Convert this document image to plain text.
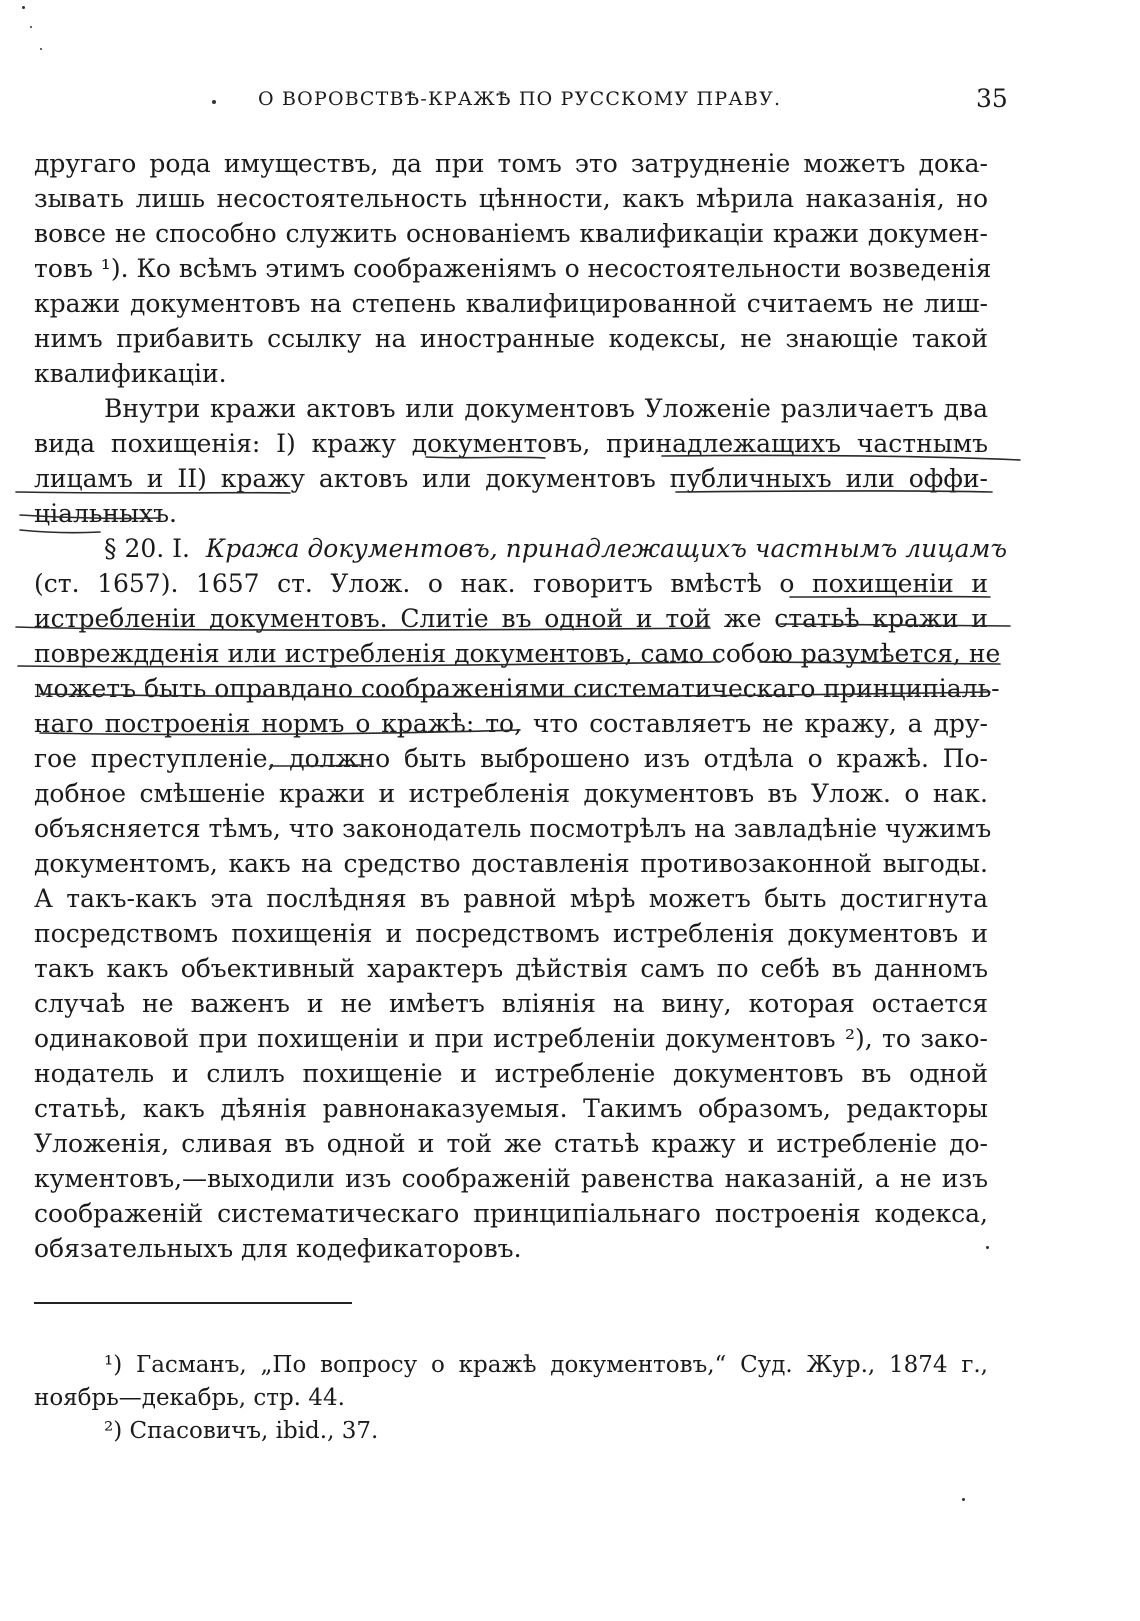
О ВОРОВСТВѢ-КРАЖѢ ПО РУССКОМУ ПРАВУ.	35
другаго рода имуществъ, да при томъ это затрудненіе можетъ дока-
зывать лишь несостоятельность цѣнности, какъ мѣрила наказанія, но
вовсе не способно служить основаніемъ квалификаціи кражи докумен-
товъ ¹). Ко всѣмъ этимъ соображеніямъ о несостоятельности возведенія
кражи документовъ на степень квалифицированной считаемъ не лиш-
нимъ прибавить ссылку на иностранные кодексы, не знающіе такой
квалификаціи.
Внутри кражи актовъ или документовъ Уложеніе различаетъ два
вида похищенія: I) кражу документовъ, принадлежащихъ частнымъ
лицамъ и II) кражу актовъ или документовъ публичныхъ или оффи-
ціальныхъ.
§ 20. I. Кража документовъ, принадлежащихъ частнымъ лицамъ
(ст. 1657). 1657 ст. Улож. о нак. говоритъ вмѣстѣ о похищеніи и
истребленіи документовъ. Слитіе въ одной и той же статьѣ кражи и
повреждденія или истребленія документовъ, само собою разумѣется, не
можетъ быть оправдано соображеніями систематическаго принципіаль-
наго построенія нормъ о кражѣ: то, что составляетъ не кражу, а дру-
гое преступленіе, должно быть выброшено изъ отдѣла о кражѣ. По-
добное смѣшеніе кражи и истребленія документовъ въ Улож. о нак.
объясняется тѣмъ, что законодатель посмотрѣлъ на завладѣніе чужимъ
документомъ, какъ на средство доставленія противозаконной выгоды.
А такъ-какъ эта послѣдняя въ равной мѣрѣ можетъ быть достигнута
посредствомъ похищенія и посредствомъ истребленія документовъ и
такъ какъ объективный характеръ дѣйствія самъ по себѣ въ данномъ
случаѣ не важенъ и не имѣетъ вліянія на вину, которая остается
одинаковой при похищеніи и при истребленіи документовъ ²), то зако-
нодатель и слилъ похищеніе и истребленіе документовъ въ одной
статьѣ, какъ дѣянія равнонаказуемыя. Такимъ образомъ, редакторы
Уложенія, сливая въ одной и той же статьѣ кражу и истребленіе до-
кументовъ,—выходили изъ соображеній равенства наказаній, а не изъ
соображеній систематическаго принципіальнаго построенія кодекса,
обязательныхъ для кодефикаторовъ.
¹) Гасманъ, „По вопросу о кражѣ документовъ,“ Суд. Жур., 1874 г.,
ноябрь—декабрь, стр. 44.
²) Спасовичъ, ibid., 37.
